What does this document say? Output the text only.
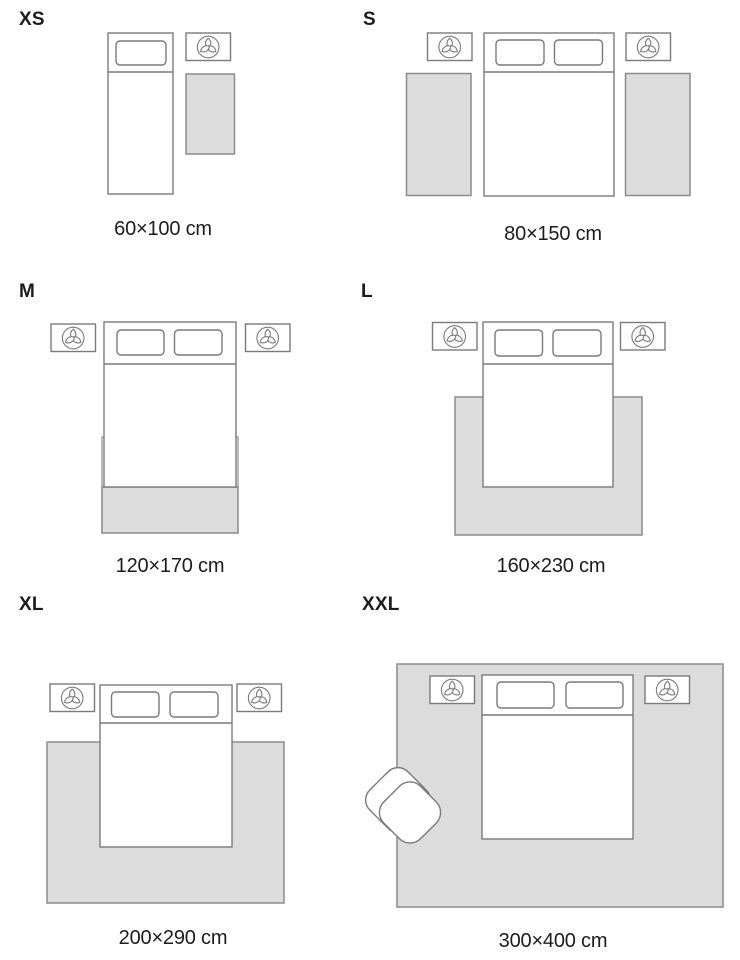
XS	S
M	L
XL	XXL
60×100 cm	80×150 cm
120×170 cm	160×230 cm
200×290 cm	300×400 cm
